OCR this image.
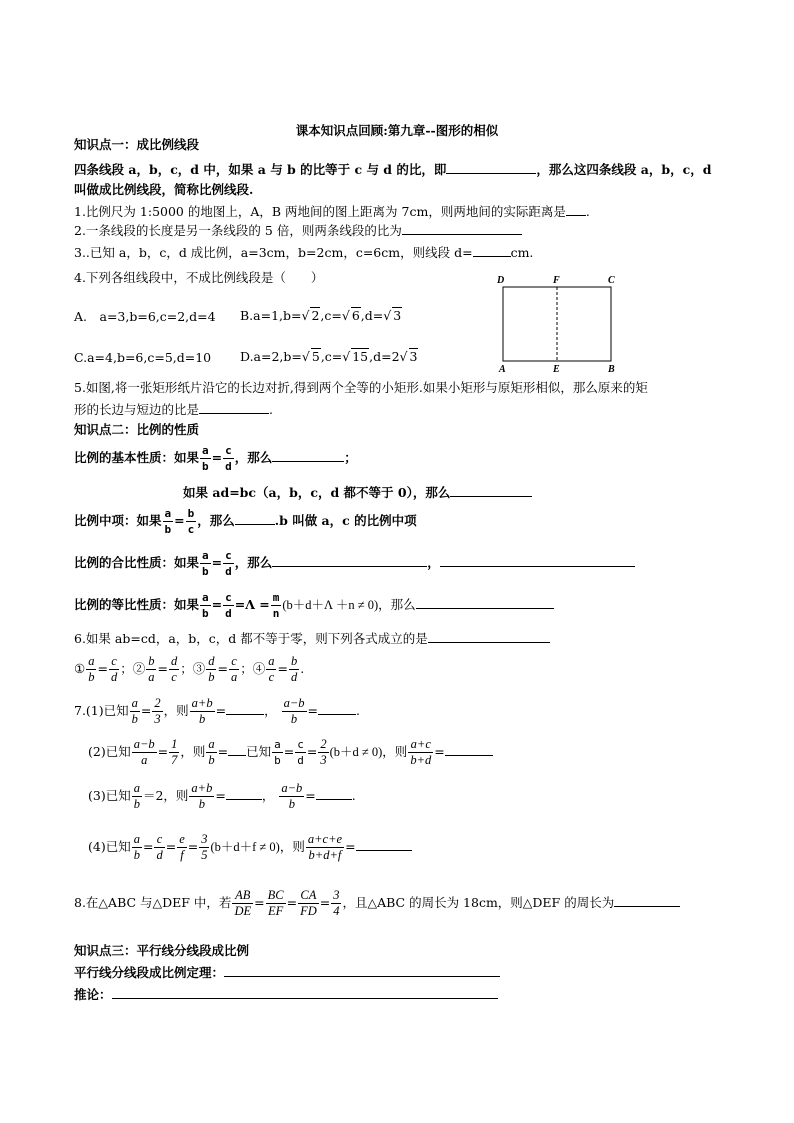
课本知识点回顾:第九章--图形的相似
知识点一：成比例线段
四条线段 a，b，c，d 中，如果 a 与 b 的比等于 c 与 d 的比，即	，那么这四条线段 a，b，c，d
叫做成比例线段，简称比例线段.
1.比例尺为 1:5000 的地图上，A，B 两地间的图上距离为 7cm，则两地间的实际距离是 .
2.一条线段的长度是另一条线段的 5 倍，则两条线段的比为
3..已知 a，b，c，d 成比例，a=3cm，b=2cm，c=6cm，则线段 d=	cm.
4.下列各组线段中，不成比例线段是（　　）
A.　a=3,b=6,c=2,d=4 B.a=1,b=√ 2,c=√ 6,d=√ 3
C.a=4,b=6,c=5,d=10 D.a=2,b=√ 5,c=√ 15,d=2√ 3
D	F	C
A	E	B
5.如图,将一张矩形纸片沿它的长边对折,得到两个全等的小矩形.如果小矩形与原矩形相似，那么原来的矩
形的长边与短边的比是	.
知识点二：比例的性质
比例的基本性质：如果 $\frac{a}{b} = \frac{c}{d}$ ，那么	；
如果 ad=bc（a，b，c，d 都不等于 0），那么
比例中项：如果 $\frac{a}{b} = \frac{b}{c}$ ，那么	.b 叫做 a，c 的比例中项
比例的合比性质：如果 $\frac{a}{b} = \frac{c}{d}$ ，那么	，
比例的等比性质：如果 $\frac{a}{b} = \frac{c}{d} =\Lambda = \frac{m}{n} (b+d+\Lambda +n \ne 0)$，那么
6.如果 ab=cd，a，b，c，d 都不等于零，则下列各式成立的是
① $\frac{a}{b} = \frac{c}{d}$ ；② $\frac{b}{a} = \frac{d}{c}$ ；③ $\frac{d}{b} = \frac{c}{a}$ ；④ $\frac{a}{c} = \frac{b}{d}$ .
7.(1)已知 $\frac{a}{b} = \frac{2}{3}$ ，则 $\frac{a+b}{b}$ =	， $\frac{a-b}{b}$ =	.
(2)已知 $\frac{a-b}{a} = \frac{1}{7}$ ，则 $\frac{a}{b}$ = 已知 $\frac{a}{b} = \frac{c}{d} = \frac{2}{3} (b+d \ne 0)$，则 $\frac{a+c}{b+d}$ =
(3)已知 $\frac{a}{b} =2$，则 $\frac{a+b}{b}$ =	， $\frac{a-b}{b}$ =	.
(4)已知 $\frac{a}{b} = \frac{c}{d} = \frac{e}{f} = \frac{3}{5} (b+d+f \ne 0)$，则 $\frac{a+c+e}{b+d+f}$ =
8.在△ABC 与△DEF 中，若 $\frac{AB}{DE} = \frac{BC}{EF} = \frac{CA}{FD} = \frac{3}{4}$ ，且△ABC 的周长为 18cm，则△DEF 的周长为
知识点三：平行线分线段成比例
平行线分线段成比例定理：
推论：
